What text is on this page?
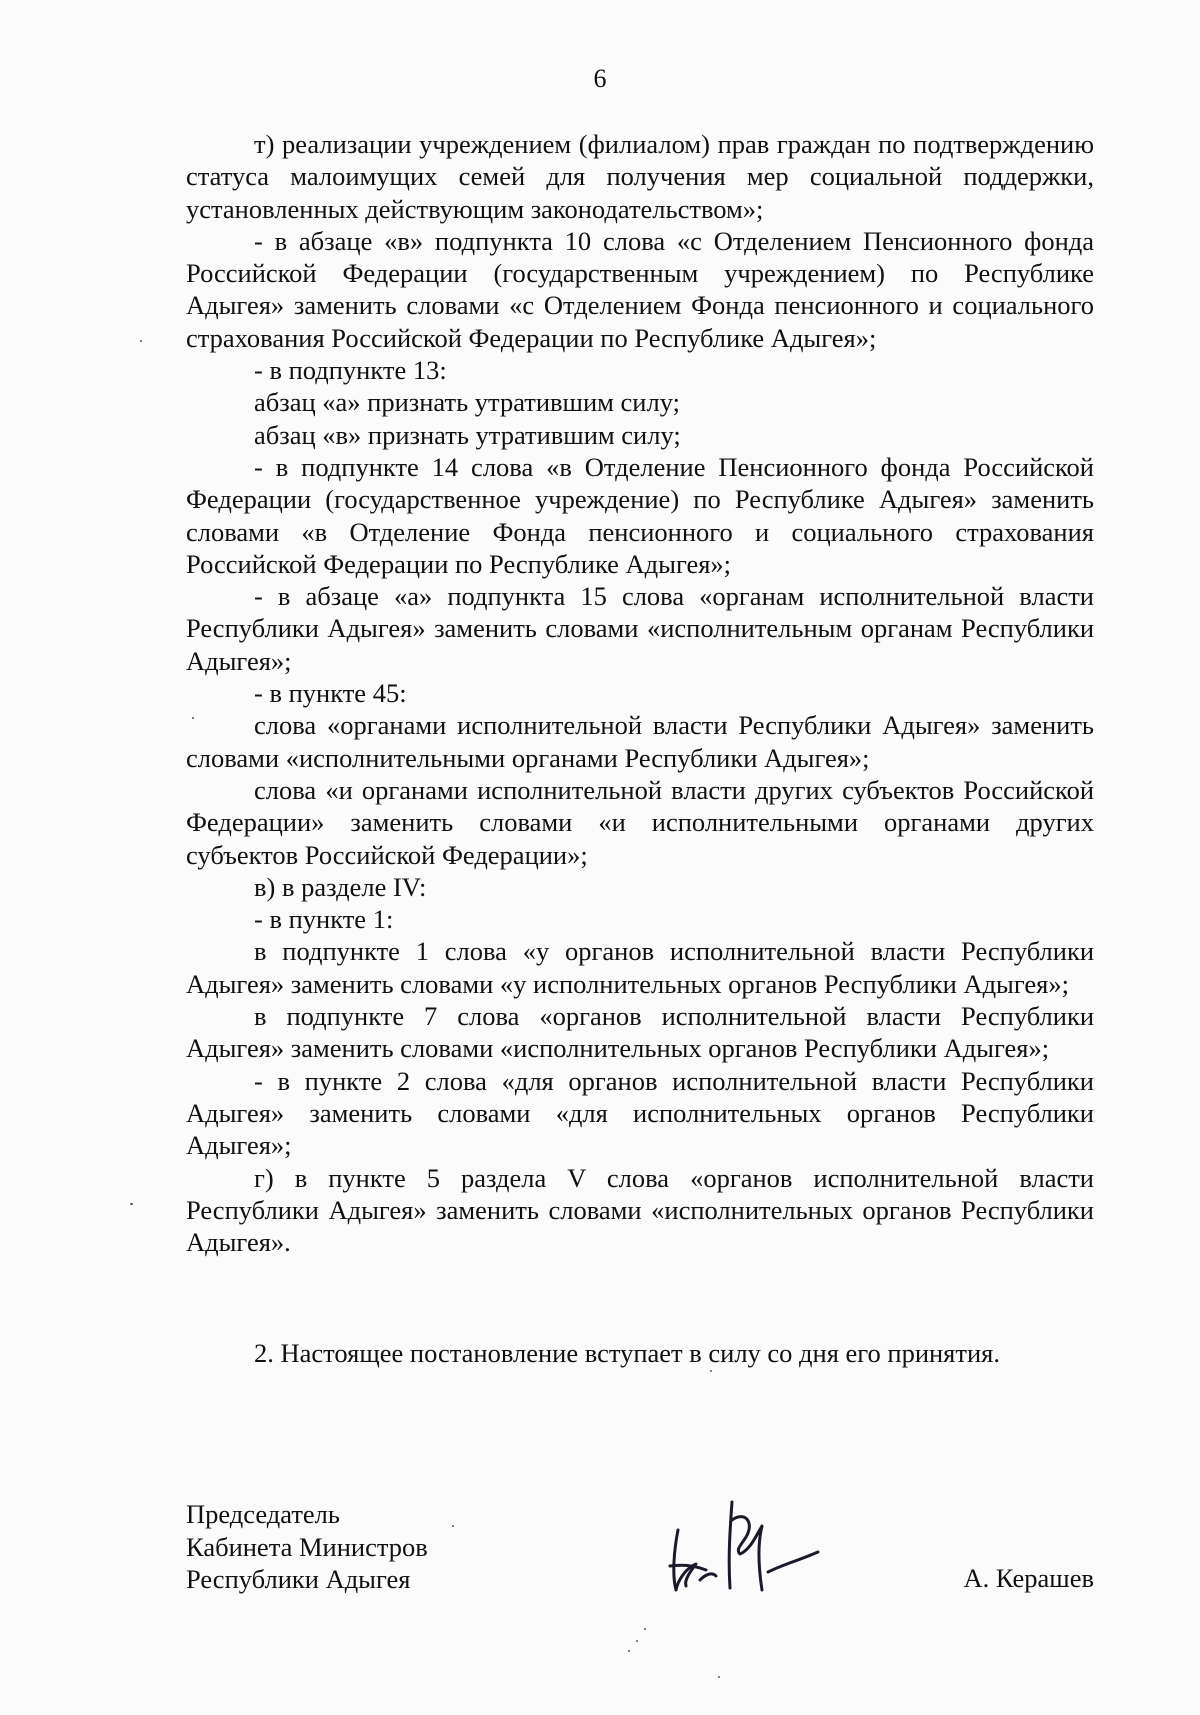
6

т) реализации учреждением (филиалом) прав граждан по подтверждению статуса малоимущих семей для получения мер социальной поддержки, установленных действующим законодательством»;

- в абзаце «в» подпункта 10 слова «с Отделением Пенсионного фонда Российской Федерации (государственным учреждением) по Республике Адыгея» заменить словами «с Отделением Фонда пенсионного и социального страхования Российской Федерации по Республике Адыгея»;

- в подпункте 13:

абзац «а» признать утратившим силу;

абзац «в» признать утратившим силу;

- в подпункте 14 слова «в Отделение Пенсионного фонда Российской Федерации (государственное учреждение) по Республике Адыгея» заменить словами «в Отделение Фонда пенсионного и социального страхования Российской Федерации по Республике Адыгея»;

- в абзаце «а» подпункта 15 слова «органам исполнительной власти Республики Адыгея» заменить словами «исполнительным органам Республики Адыгея»;

- в пункте 45:

слова «органами исполнительной власти Республики Адыгея» заменить словами «исполнительными органами Республики Адыгея»;

слова «и органами исполнительной власти других субъектов Российской Федерации» заменить словами «и исполнительными органами других субъектов Российской Федерации»;

в) в разделе IV:

- в пункте 1:

в подпункте 1 слова «у органов исполнительной власти Республики Адыгея» заменить словами «у исполнительных органов Республики Адыгея»;

в подпункте 7 слова «органов исполнительной власти Республики Адыгея» заменить словами «исполнительных органов Республики Адыгея»;

- в пункте 2 слова «для органов исполнительной власти Республики Адыгея» заменить словами «для исполнительных органов Республики Адыгея»;

г) в пункте 5 раздела V слова «органов исполнительной власти Республики Адыгея» заменить словами «исполнительных органов Республики Адыгея».

2. Настоящее постановление вступает в силу со дня его принятия.
Председатель
Кабинета Министров
Республики Адыгея	А. Керашев
